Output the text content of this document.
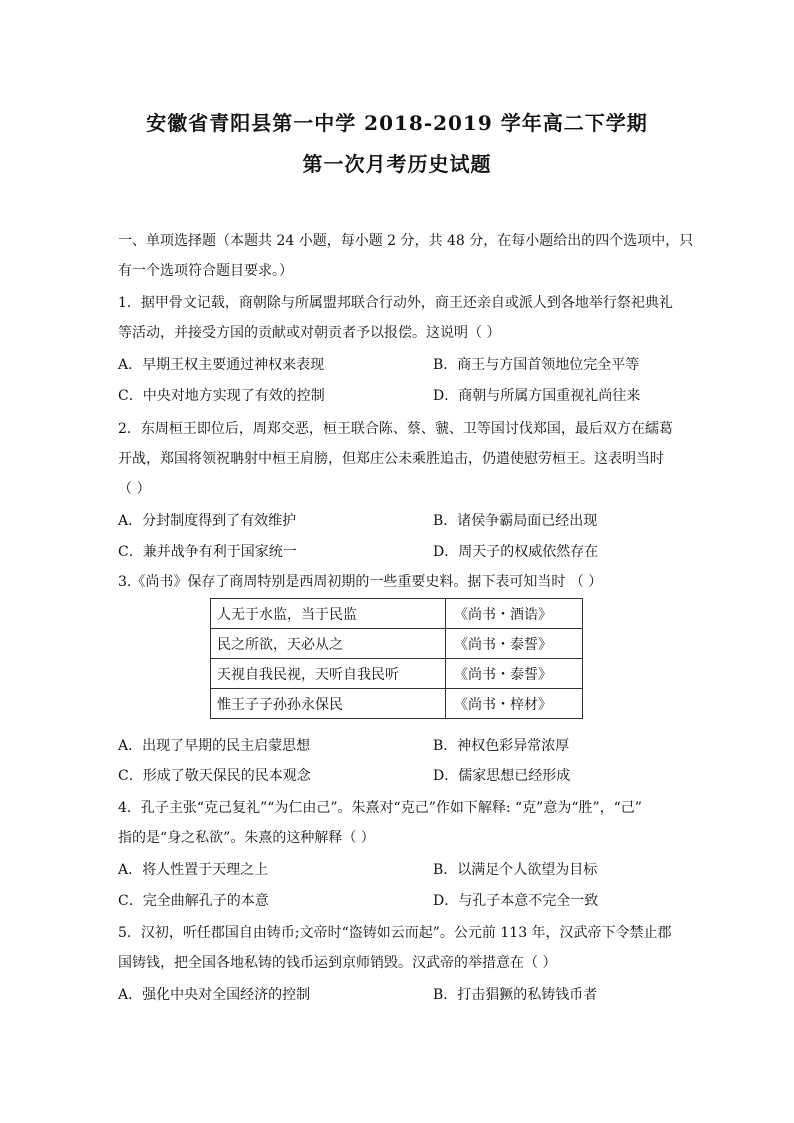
安徽省青阳县第一中学 2018-2019 学年高二下学期
第一次月考历史试题
一、单项选择题（本题共 24 小题，每小题 2 分，共 48 分，在每小题给出的四个选项中，只
有一个选项符合题目要求。）
1．据甲骨文记载，商朝除与所属盟邦联合行动外，商王还亲自或派人到各地举行祭祀典礼
等活动，并接受方国的贡献或对朝贡者予以报偿。这说明（ ）
A．早期王权主要通过神权来表现	B．商王与方国首领地位完全平等
C．中央对地方实现了有效的控制	D．商朝与所属方国重视礼尚往来
2．东周桓王即位后，周郑交恶，桓王联合陈、蔡、虢、卫等国讨伐郑国，最后双方在繻葛
开战，郑国将领祝聃射中桓王肩膀，但郑庄公未乘胜追击，仍遣使慰劳桓王。这表明当时
（ ）
A．分封制度得到了有效维护	B．诸侯争霸局面已经出现
C．兼并战争有利于国家统一	D．周天子的权威依然存在
3.《尚书》保存了商周特别是西周初期的一些重要史料。据下表可知当时 （ ）
人无于水监，当于民监	《尚书・酒诰》
民之所欲，天必从之	《尚书・泰誓》
天视自我民视，天听自我民听	《尚书・泰誓》
惟王子子孙孙永保民	《尚书・梓材》
A．出现了早期的民主启蒙思想	B．神权色彩异常浓厚
C．形成了敬天保民的民本观念	D．儒家思想已经形成
4．孔子主张“克己复礼”“为仁由己”。朱熹对“克己”作如下解释: “克”意为“胜”，“己”
指的是“身之私欲”。朱熹的这种解释（ ）
A．将人性置于天理之上	B．以满足个人欲望为目标
C．完全曲解孔子的本意	D．与孔子本意不完全一致
5．汉初，听任郡国自由铸币;文帝时“盗铸如云而起”。公元前 113 年，汉武帝下令禁止郡
国铸钱，把全国各地私铸的钱币运到京师销毁。汉武帝的举措意在（ ）
A．强化中央对全国经济的控制	B．打击猖獗的私铸钱币者
